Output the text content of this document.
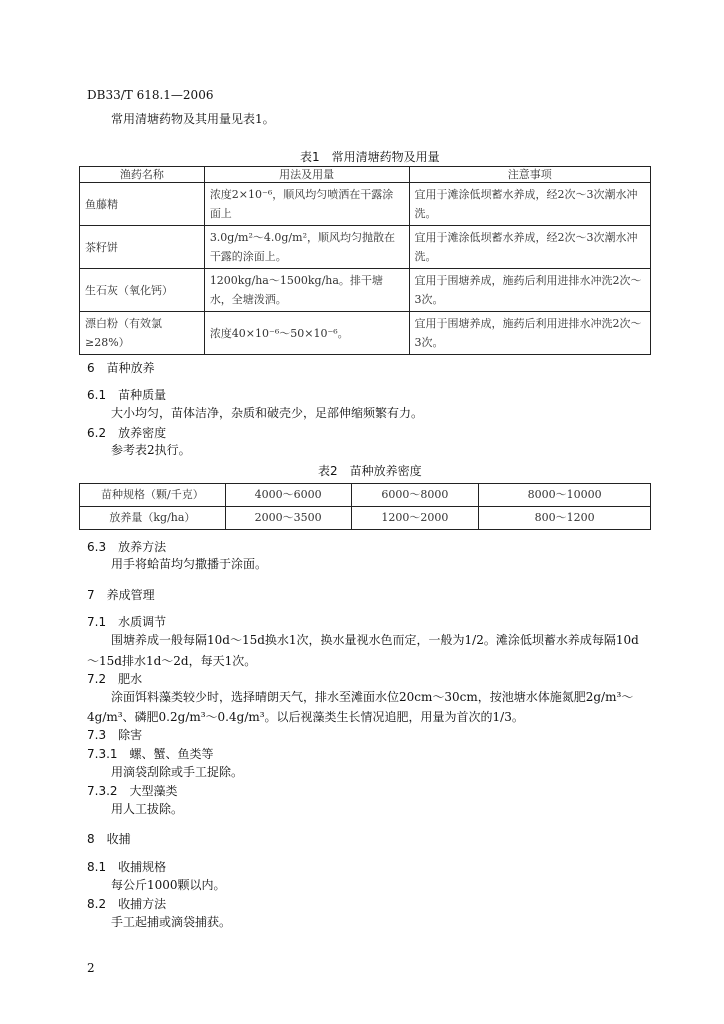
DB33/T 618.1—2006
常用清塘药物及其用量见表1。
表1　常用清塘药物及用量
渔药名称	用法及用量	注意事项
鱼藤精	浓度2×10⁻⁶，顺风均匀喷洒在干露涂面上	宜用于滩涂低坝蓄水养成，经2次～3次潮水冲洗。
茶籽饼	3.0g/m²～4.0g/m²，顺风均匀抛散在干露的涂面上。	宜用于滩涂低坝蓄水养成，经2次～3次潮水冲洗。
生石灰（氧化钙）	1200kg/ha～1500kg/ha。排干塘水，全塘泼洒。	宜用于围塘养成，施药后利用进排水冲洗2次～3次。
漂白粉（有效氯≥28%）	浓度40×10⁻⁶～50×10⁻⁶。	宜用于围塘养成，施药后利用进排水冲洗2次～3次。
6　苗种放养
6.1　苗种质量
大小均匀，苗体洁净，杂质和破壳少，足部伸缩频繁有力。
6.2　放养密度
参考表2执行。
表2　苗种放养密度
苗种规格（颗/千克）	4000～6000	6000～8000	8000～10000
放养量（kg/ha）	2000～3500	1200～2000	800～1200
6.3　放养方法
用手将蛤苗均匀撒播于涂面。
7　养成管理
7.1　水质调节
围塘养成一般每隔10d～15d换水1次，换水量视水色而定，一般为1/2。滩涂低坝蓄水养成每隔10d
～15d排水1d～2d，每天1次。
7.2　肥水
涂面饵料藻类较少时，选择晴朗天气，排水至滩面水位20cm～30cm，按池塘水体施氮肥2g/m³～
4g/m³、磷肥0.2g/m³～0.4g/m³。以后视藻类生长情况追肥，用量为首次的1/3。
7.3　除害
7.3.1　螺、蟹、鱼类等
用滴袋刮除或手工捉除。
7.3.2　大型藻类
用人工拔除。
8　收捕
8.1　收捕规格
每公斤1000颗以内。
8.2　收捕方法
手工起捕或滴袋捕获。
2
